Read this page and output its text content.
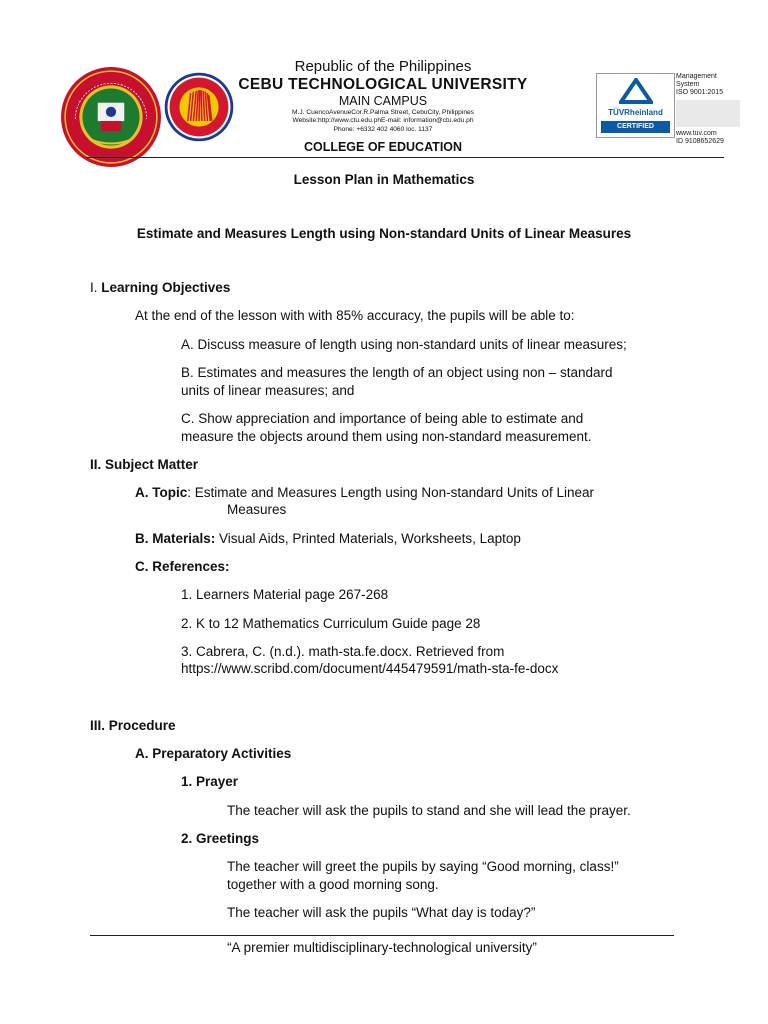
TÜVRheinland
CERTIFIED
Management
System
ISO 9001:2015
www.tuv.com
ID 9108652629
Republic of the Philippines
CEBU TECHNOLOGICAL UNIVERSITY
MAIN CAMPUS
M.J. CuencoAvenueCor.R.Palma Street, CebuCity, Philippines
Website:http://www.ctu.edu.phE-mail: information@ctu.edu.ph
Phone: +6332 402 4060 loc. 1137
COLLEGE OF EDUCATION
Lesson Plan in Mathematics
Estimate and Measures Length using Non-standard Units of Linear Measures
I. Learning Objectives
At the end of the lesson with with 85% accuracy, the pupils will be able to:
A. Discuss measure of length using non-standard units of linear measures;
B. Estimates and measures the length of an object using non – standard
units of linear measures; and
C. Show appreciation and importance of being able to estimate and
measure the objects around them using non-standard measurement.
II. Subject Matter
A. Topic: Estimate and Measures Length using Non-standard Units of Linear
Measures
B. Materials: Visual Aids, Printed Materials, Worksheets, Laptop
C. References:
1. Learners Material page 267-268
2. K to 12 Mathematics Curriculum Guide page 28
3. Cabrera, C. (n.d.). math-sta.fe.docx. Retrieved from
https://www.scribd.com/document/445479591/math-sta-fe-docx
III. Procedure
A. Preparatory Activities
1. Prayer
The teacher will ask the pupils to stand and she will lead the prayer.
2. Greetings
The teacher will greet the pupils by saying “Good morning, class!”
together with a good morning song.
The teacher will ask the pupils “What day is today?”
“A premier multidisciplinary-technological university”
